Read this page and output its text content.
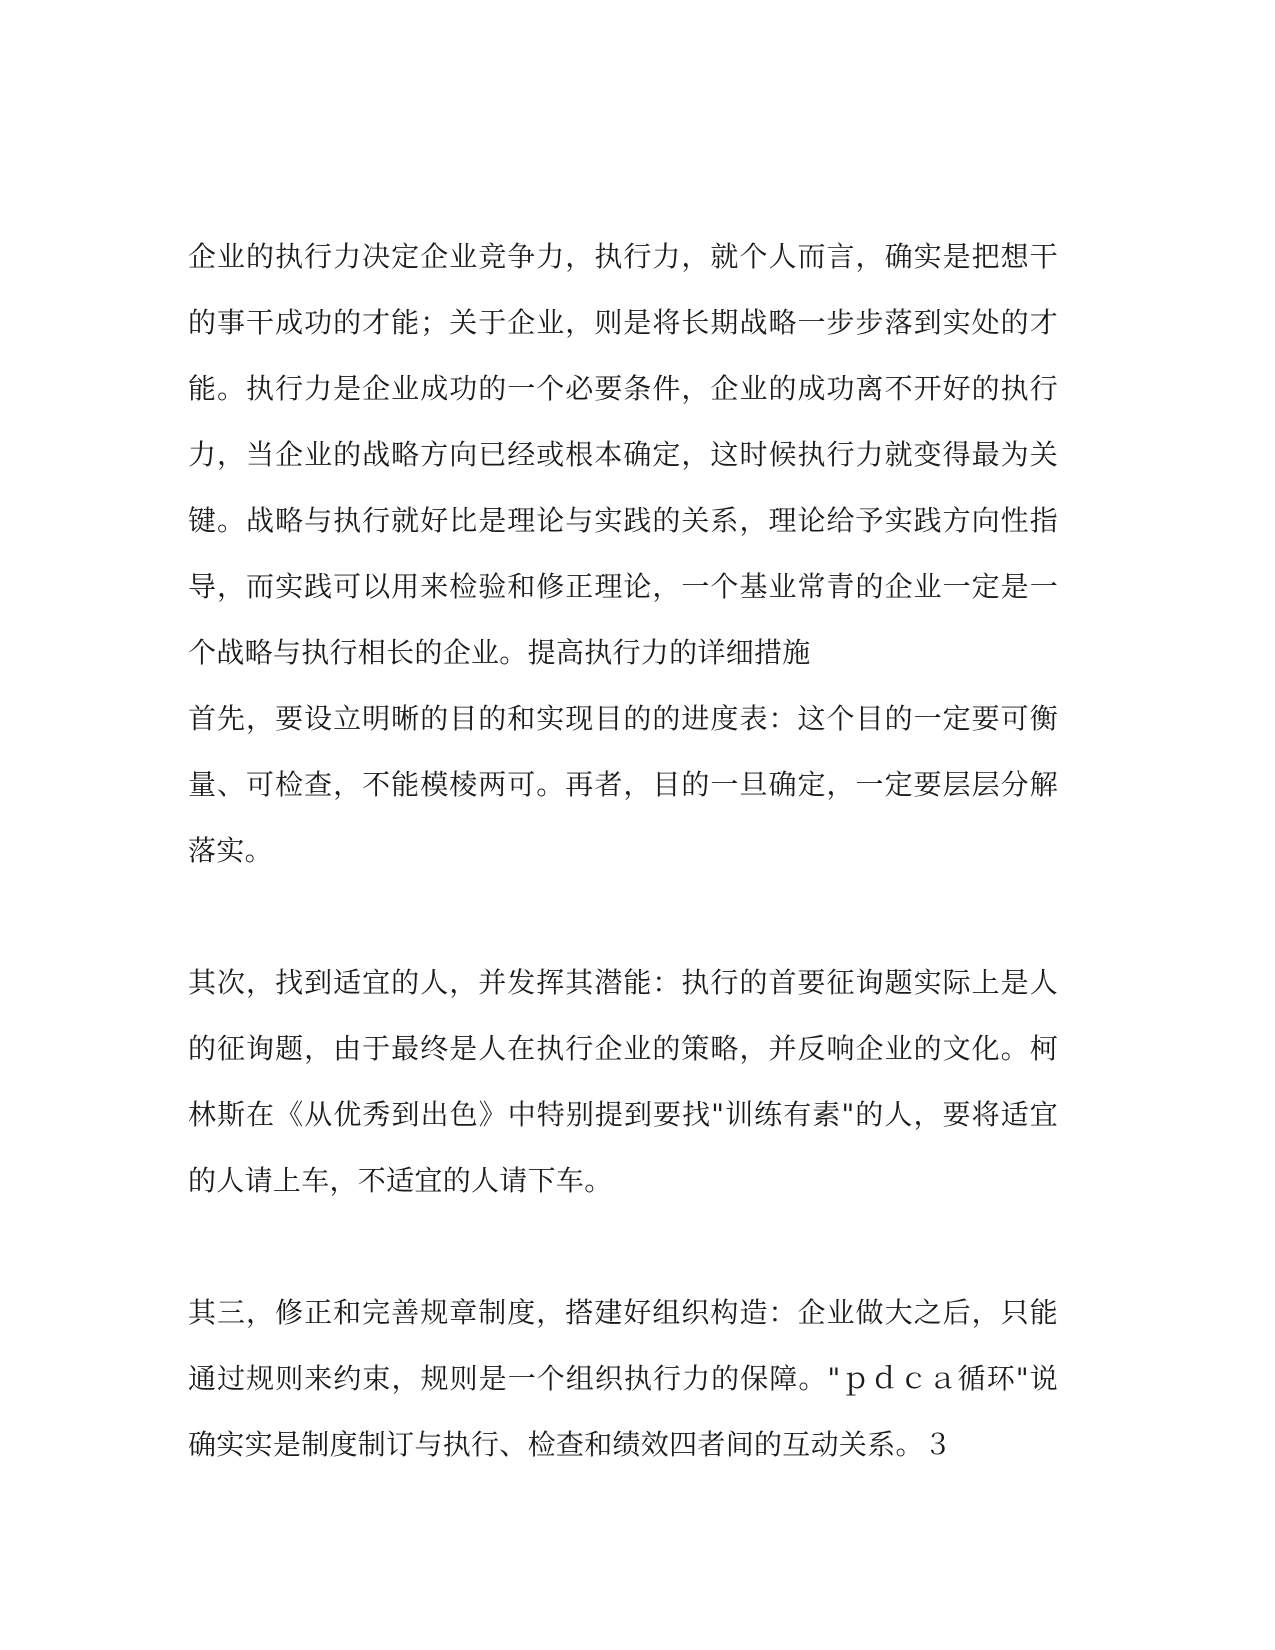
企业的执行力决定企业竞争力，执行力，就个人而言，确实是把想干
的事干成功的才能；关于企业，则是将长期战略一步步落到实处的才
能。执行力是企业成功的一个必要条件，企业的成功离不开好的执行
力，当企业的战略方向已经或根本确定，这时候执行力就变得最为关
键。战略与执行就好比是理论与实践的关系，理论给予实践方向性指
导，而实践可以用来检验和修正理论，一个基业常青的企业一定是一
个战略与执行相长的企业。提高执行力的详细措施
首先，要设立明晰的目的和实现目的的进度表：这个目的一定要可衡
量、可检查，不能模棱两可。再者，目的一旦确定，一定要层层分解
落实。
其次，找到适宜的人，并发挥其潜能：执行的首要征询题实际上是人
的征询题，由于最终是人在执行企业的策略，并反响企业的文化。柯
林斯在《从优秀到出色》中特别提到要找"训练有素"的人，要将适宜
的人请上车，不适宜的人请下车。
其三，修正和完善规章制度，搭建好组织构造：企业做大之后，只能
通过规则来约束，规则是一个组织执行力的保障。"ｐｄｃａ循环"说
确实实是制度制订与执行、检查和绩效四者间的互动关系。３
